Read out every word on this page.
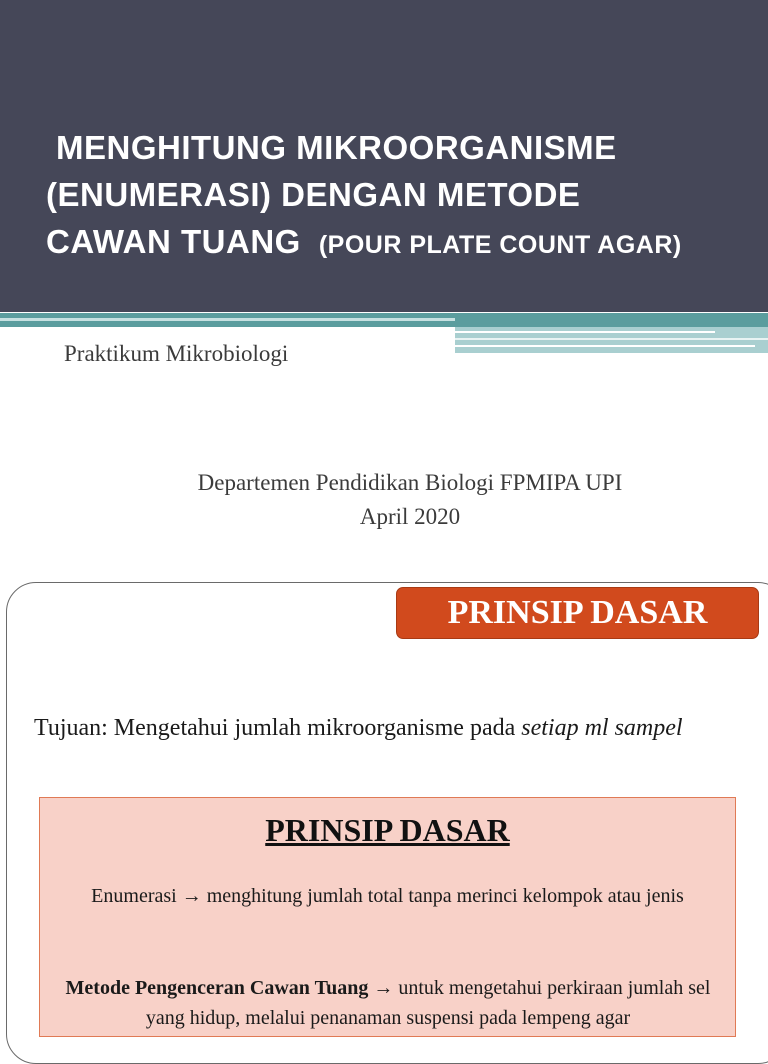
MENGHITUNG MIKROORGANISME
(ENUMERASI) DENGAN METODE
CAWAN TUANG (POUR PLATE COUNT AGAR)
Praktikum Mikrobiologi
Departemen Pendidikan Biologi FPMIPA UPI
April 2020
PRINSIP DASAR
Tujuan: Mengetahui jumlah mikroorganisme pada setiap ml sampel
PRINSIP DASAR
Enumerasi → menghitung jumlah total tanpa merinci kelompok atau jenis
Metode Pengenceran Cawan Tuang → untuk mengetahui perkiraan jumlah sel yang hidup, melalui penanaman suspensi pada lempeng agar
